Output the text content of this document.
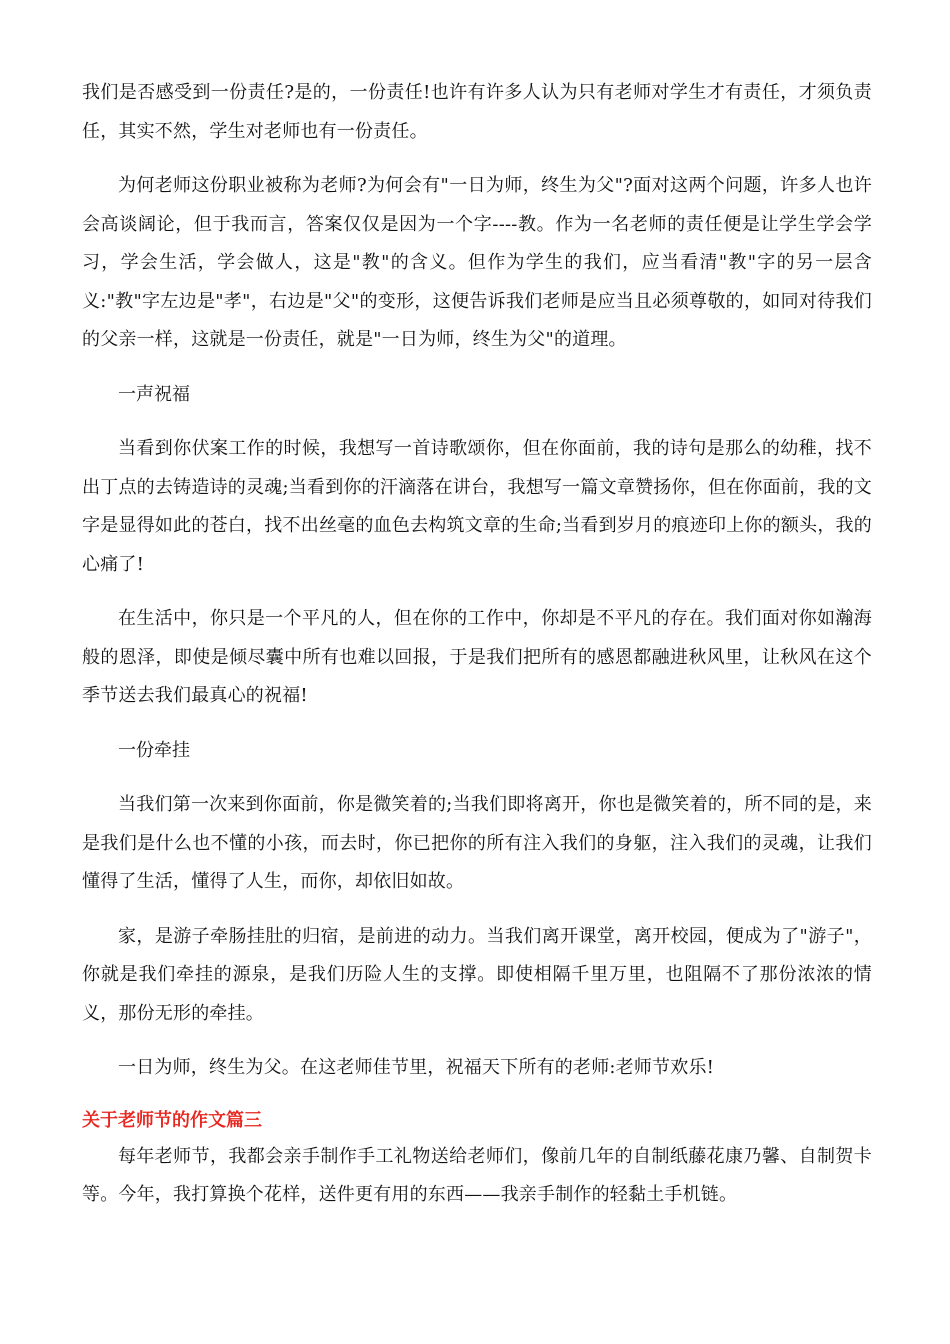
我们是否感受到一份责任?是的，一份责任!也许有许多人认为只有老师对学生才有责任，才须负责任，其实不然，学生对老师也有一份责任。

为何老师这份职业被称为老师?为何会有"一日为师，终生为父"?面对这两个问题，许多人也许会高谈阔论，但于我而言，答案仅仅是因为一个字----教。作为一名老师的责任便是让学生学会学习，学会生活，学会做人，这是"教"的含义。但作为学生的我们，应当看清"教"字的另一层含义:"教"字左边是"孝"，右边是"父"的变形，这便告诉我们老师是应当且必须尊敬的，如同对待我们的父亲一样，这就是一份责任，就是"一日为师，终生为父"的道理。

一声祝福

当看到你伏案工作的时候，我想写一首诗歌颂你，但在你面前，我的诗句是那么的幼稚，找不出丁点的去铸造诗的灵魂;当看到你的汗滴落在讲台，我想写一篇文章赞扬你，但在你面前，我的文字是显得如此的苍白，找不出丝毫的血色去构筑文章的生命;当看到岁月的痕迹印上你的额头，我的心痛了!

在生活中，你只是一个平凡的人，但在你的工作中，你却是不平凡的存在。我们面对你如瀚海般的恩泽，即使是倾尽囊中所有也难以回报，于是我们把所有的感恩都融进秋风里，让秋风在这个季节送去我们最真心的祝福!

一份牵挂

当我们第一次来到你面前，你是微笑着的;当我们即将离开，你也是微笑着的，所不同的是，来是我们是什么也不懂的小孩，而去时，你已把你的所有注入我们的身躯，注入我们的灵魂，让我们懂得了生活，懂得了人生，而你，却依旧如故。

家，是游子牵肠挂肚的归宿，是前进的动力。当我们离开课堂，离开校园，便成为了"游子"，你就是我们牵挂的源泉，是我们历险人生的支撑。即使相隔千里万里，也阻隔不了那份浓浓的情义，那份无形的牵挂。

一日为师，终生为父。在这老师佳节里，祝福天下所有的老师:老师节欢乐!

关于老师节的作文篇三

每年老师节，我都会亲手制作手工礼物送给老师们，像前几年的自制纸藤花康乃馨、自制贺卡等。今年，我打算换个花样，送件更有用的东西——我亲手制作的轻黏土手机链。
